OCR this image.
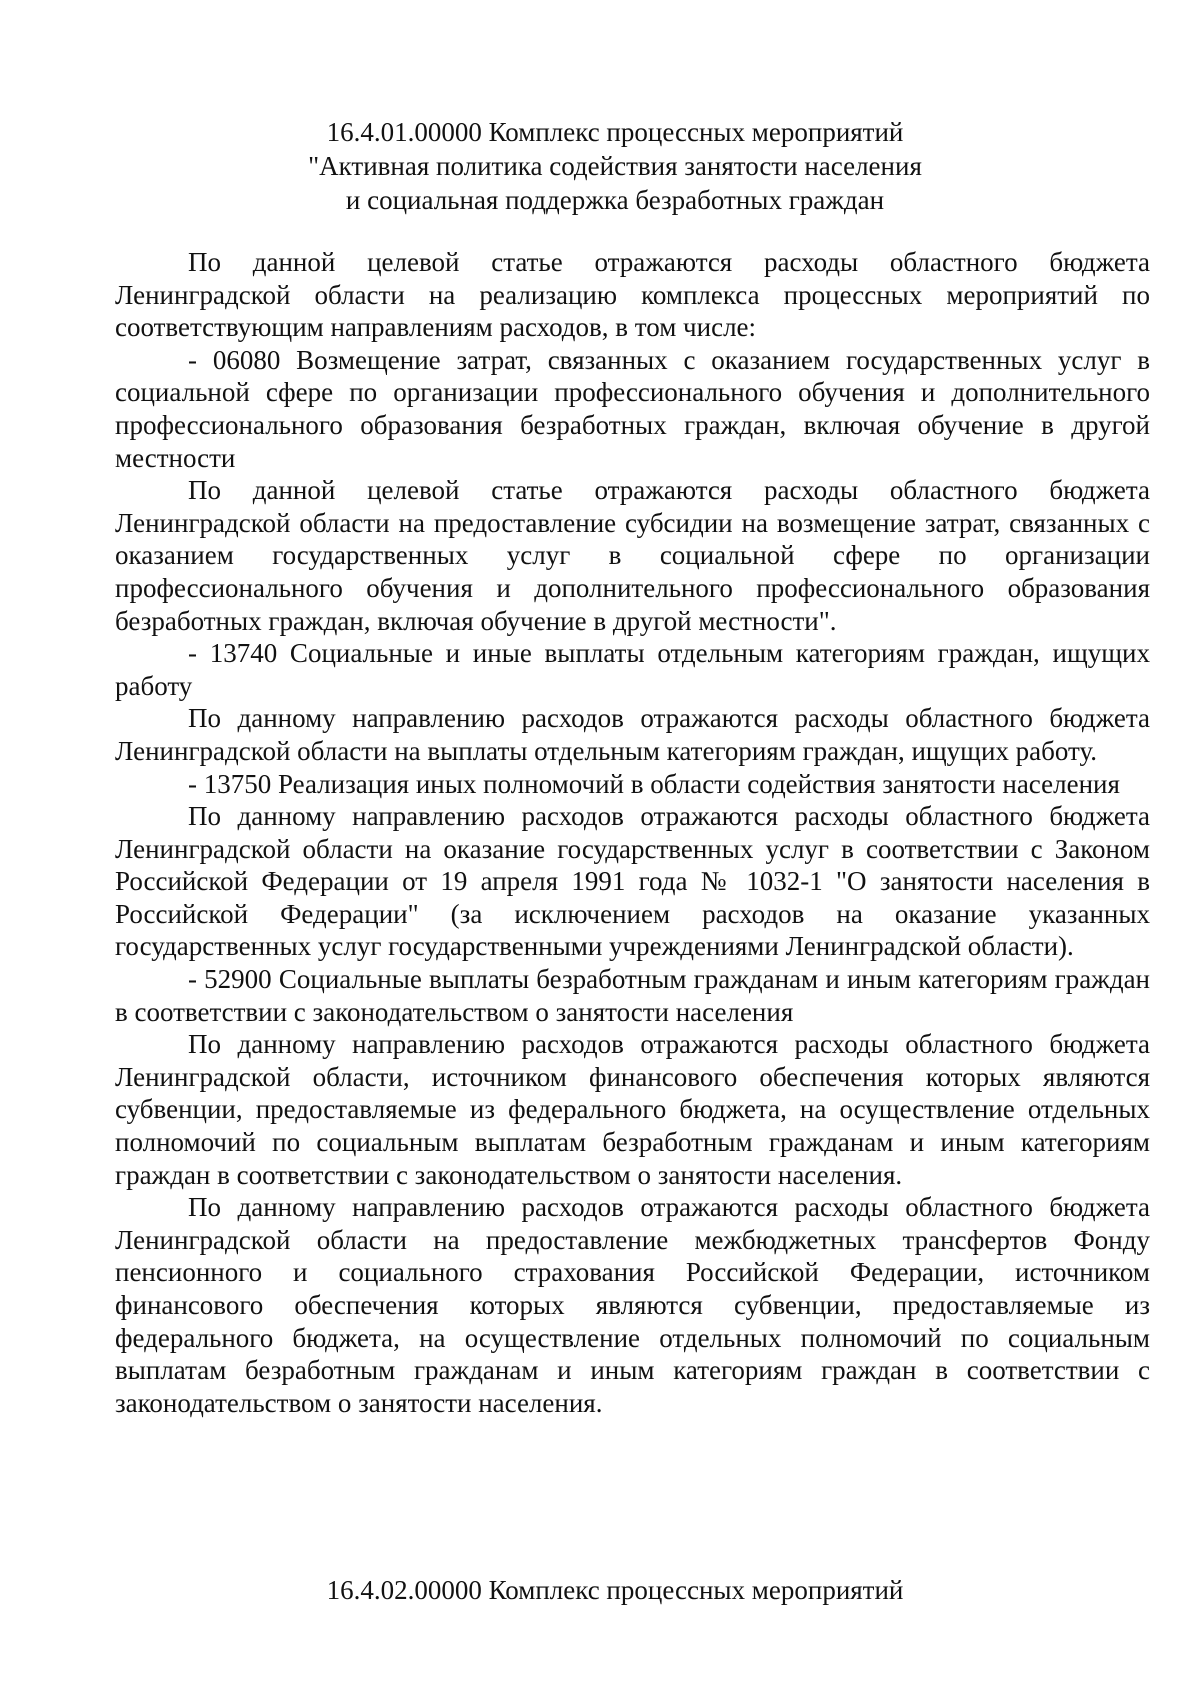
16.4.01.00000 Комплекс процессных мероприятий
"Активная политика содействия занятости населения
и социальная поддержка безработных граждан

По данной целевой статье отражаются расходы областного бюджета Ленинградской области на реализацию комплекса процессных мероприятий по соответствующим направлениям расходов, в том числе:

- 06080 Возмещение затрат, связанных с оказанием государственных услуг в социальной сфере по организации профессионального обучения и дополнительного профессионального образования безработных граждан, включая обучение в другой местности

По данной целевой статье отражаются расходы областного бюджета Ленинградской области на предоставление субсидии на возмещение затрат, связанных с оказанием государственных услуг в социальной сфере по организации профессионального обучения и дополнительного профессионального образования безработных граждан, включая обучение в другой местности".

- 13740 Социальные и иные выплаты отдельным категориям граждан, ищущих работу

По данному направлению расходов отражаются расходы областного бюджета Ленинградской области на выплаты отдельным категориям граждан, ищущих работу.

- 13750 Реализация иных полномочий в области содействия занятости населения

По данному направлению расходов отражаются расходы областного бюджета Ленинградской области на оказание государственных услуг в соответствии с Законом Российской Федерации от 19 апреля 1991 года № 1032-1 "О занятости населения в Российской Федерации" (за исключением расходов на оказание указанных государственных услуг государственными учреждениями Ленинградской области).

- 52900 Социальные выплаты безработным гражданам и иным категориям граждан в соответствии с законодательством о занятости населения

По данному направлению расходов отражаются расходы областного бюджета Ленинградской области, источником финансового обеспечения которых являются субвенции, предоставляемые из федерального бюджета, на осуществление отдельных полномочий по социальным выплатам безработным гражданам и иным категориям граждан в соответствии с законодательством о занятости населения.

По данному направлению расходов отражаются расходы областного бюджета Ленинградской области на предоставление межбюджетных трансфертов Фонду пенсионного и социального страхования Российской Федерации, источником финансового обеспечения которых являются субвенции, предоставляемые из федерального бюджета, на осуществление отдельных полномочий по социальным выплатам безработным гражданам и иным категориям граждан в соответствии с законодательством о занятости населения.

16.4.02.00000 Комплекс процессных мероприятий
